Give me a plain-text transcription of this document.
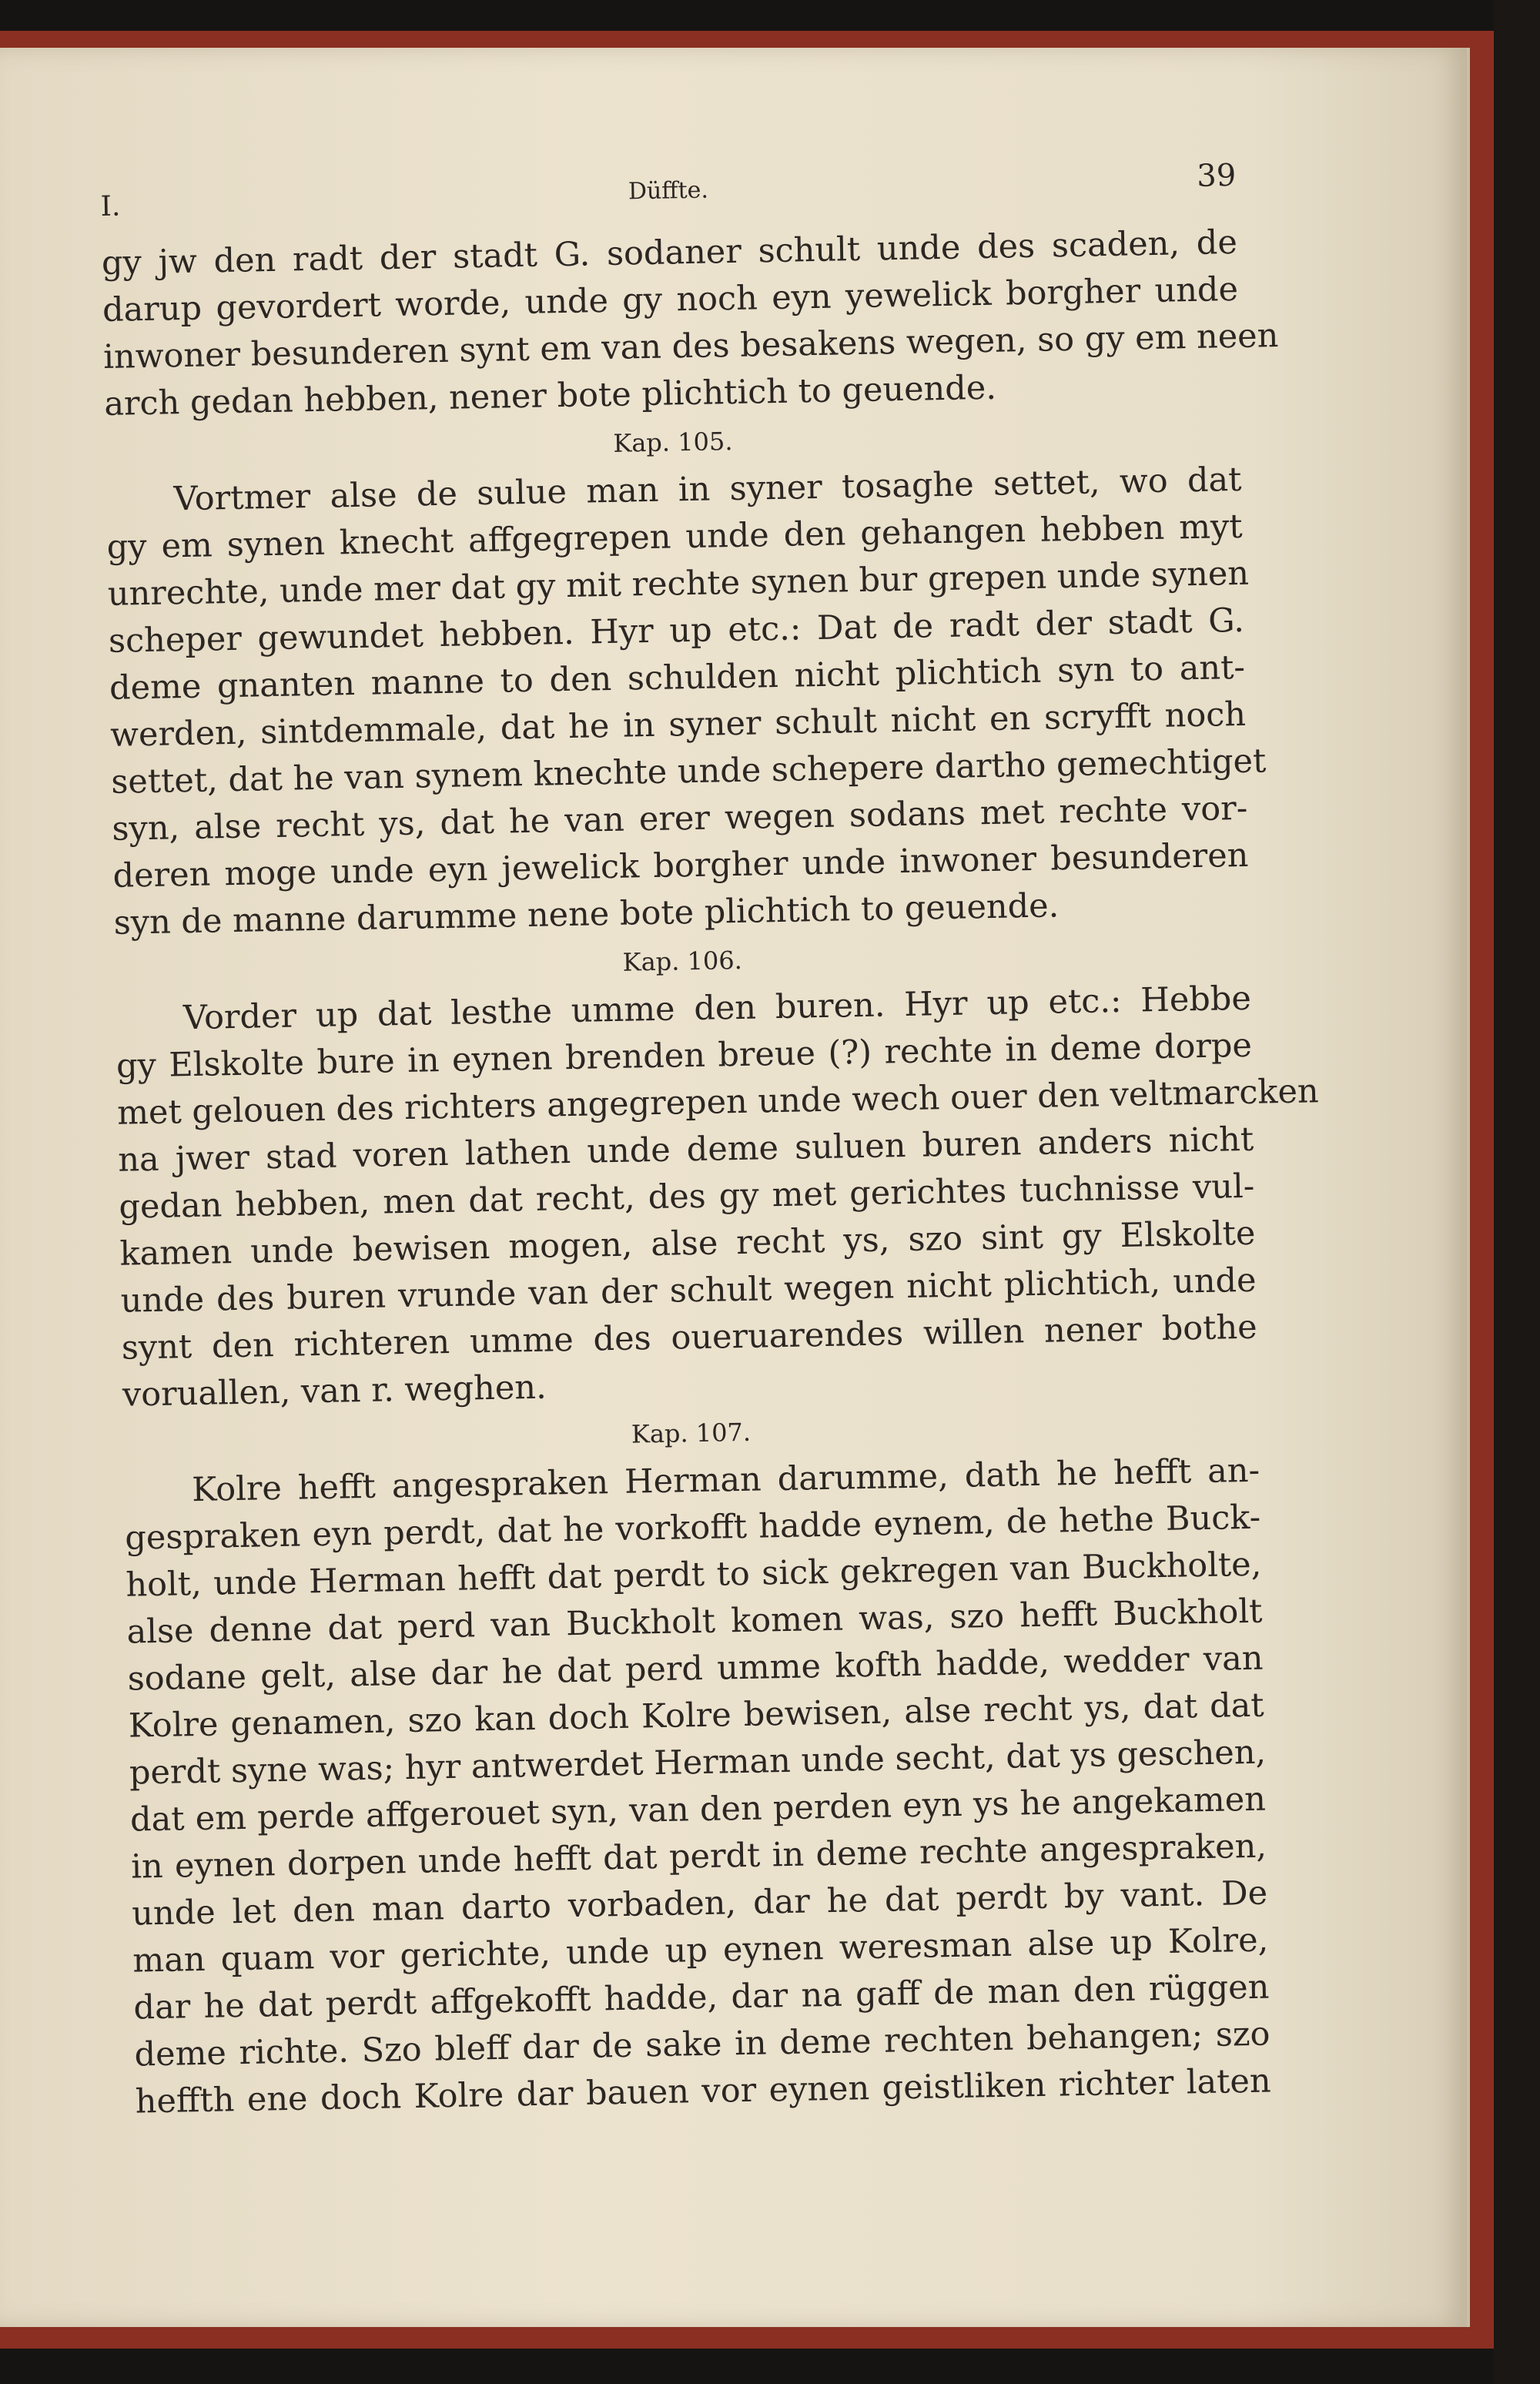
I.	Düffte.	39
gy jw den radt der stadt G. sodaner schult unde des scaden, de
darup gevordert worde, unde gy noch eyn yewelick borgher unde
inwoner besunderen synt em van des besakens wegen, so gy em neen
arch gedan hebben, nener bote plichtich to geuende.
Kap. 105.
Vortmer alse de sulue man in syner tosaghe settet, wo dat
gy em synen knecht affgegrepen unde den gehangen hebben myt
unrechte, unde mer dat gy mit rechte synen bur grepen unde synen
scheper gewundet hebben. Hyr up etc.: Dat de radt der stadt G.
deme gnanten manne to den schulden nicht plichtich syn to ant-
werden, sintdemmale, dat he in syner schult nicht en scryfft noch
settet, dat he van synem knechte unde schepere dartho gemechtiget
syn, alse recht ys, dat he van erer wegen sodans met rechte vor-
deren moge unde eyn jewelick borgher unde inwoner besunderen
syn de manne darumme nene bote plichtich to geuende.
Kap. 106.
Vorder up dat lesthe umme den buren. Hyr up etc.: Hebbe
gy Elskolte bure in eynen brenden breue (?) rechte in deme dorpe
met gelouen des richters angegrepen unde wech ouer den veltmarcken
na jwer stad voren lathen unde deme suluen buren anders nicht
gedan hebben, men dat recht, des gy met gerichtes tuchnisse vul-
kamen unde bewisen mogen, alse recht ys, szo sint gy Elskolte
unde des buren vrunde van der schult wegen nicht plichtich, unde
synt den richteren umme des oueruarendes willen nener bothe
voruallen, van r. weghen.
Kap. 107.
Kolre hefft angespraken Herman darumme, dath he hefft an-
gespraken eyn perdt, dat he vorkofft hadde eynem, de hethe Buck-
holt, unde Herman hefft dat perdt to sick gekregen van Buckholte,
alse denne dat perd van Buckholt komen was, szo hefft Buckholt
sodane gelt, alse dar he dat perd umme kofth hadde, wedder van
Kolre genamen, szo kan doch Kolre bewisen, alse recht ys, dat dat
perdt syne was; hyr antwerdet Herman unde secht, dat ys geschen,
dat em perde affgerouet syn, van den perden eyn ys he angekamen
in eynen dorpen unde hefft dat perdt in deme rechte angespraken,
unde let den man darto vorbaden, dar he dat perdt by vant. De
man quam vor gerichte, unde up eynen weresman alse up Kolre,
dar he dat perdt affgekofft hadde, dar na gaff de man den rüggen
deme richte. Szo bleff dar de sake in deme rechten behangen; szo
heffth ene doch Kolre dar bauen vor eynen geistliken richter laten
